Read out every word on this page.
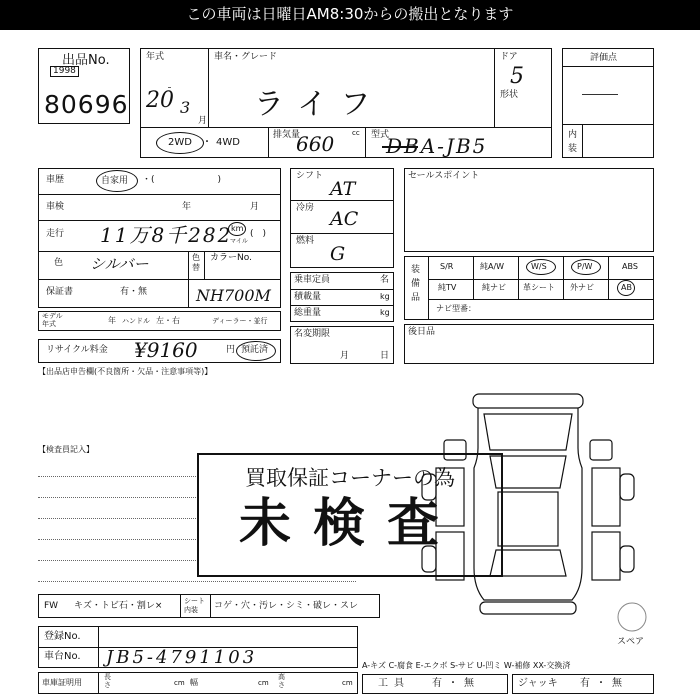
この車両は日曜日AM8:30からの搬出となります
出品No.
1998
80696
年式
20 3
月
車名・グレード
ライフ
ドア
5
形状
2WD ・ 4WD
排気量
660	cc 型式
DBA-JB5
評価点
内装
車歴	自家用 ・(　　　　　　　)
車検	年	月
走行 11万8千282
km
マイル
(　)
色 シルバー	色替
カラーNo.
保証書	有・無	NH700M
モデル年式	年 ハンドル 左・右	ディーラー・並行
リサイクル料金 ¥9160	円 預託済
【出品店申告欄(不良箇所・欠品・注意事項等)】
シフト
AT
冷房 AC
燃料
G
乗車定員	名
積載量	kg
総重量	kg
名変期限
月	日
セールスポイント
装備品
S/R	純A/W	W/S	P/W	ABS
純TV	純ナビ 革シート 外ナビ	AB
ナビ型番：
後日品
【検査員記入】
買取保証コーナーの為
未検査
スペア
FW キズ・トビ石・割レ×	シート内装	コゲ・穴・汚レ・シミ・破レ・スレ
登録No.
車台No. JB5-4791103
車庫証明用
長さ	cm 幅	cm
高さ	cm
A-キズ C-腐食 E-エクボ S-サビ U-凹ミ W-補修 XX-交換済
工具 有・無	ジャッキ 有・無
